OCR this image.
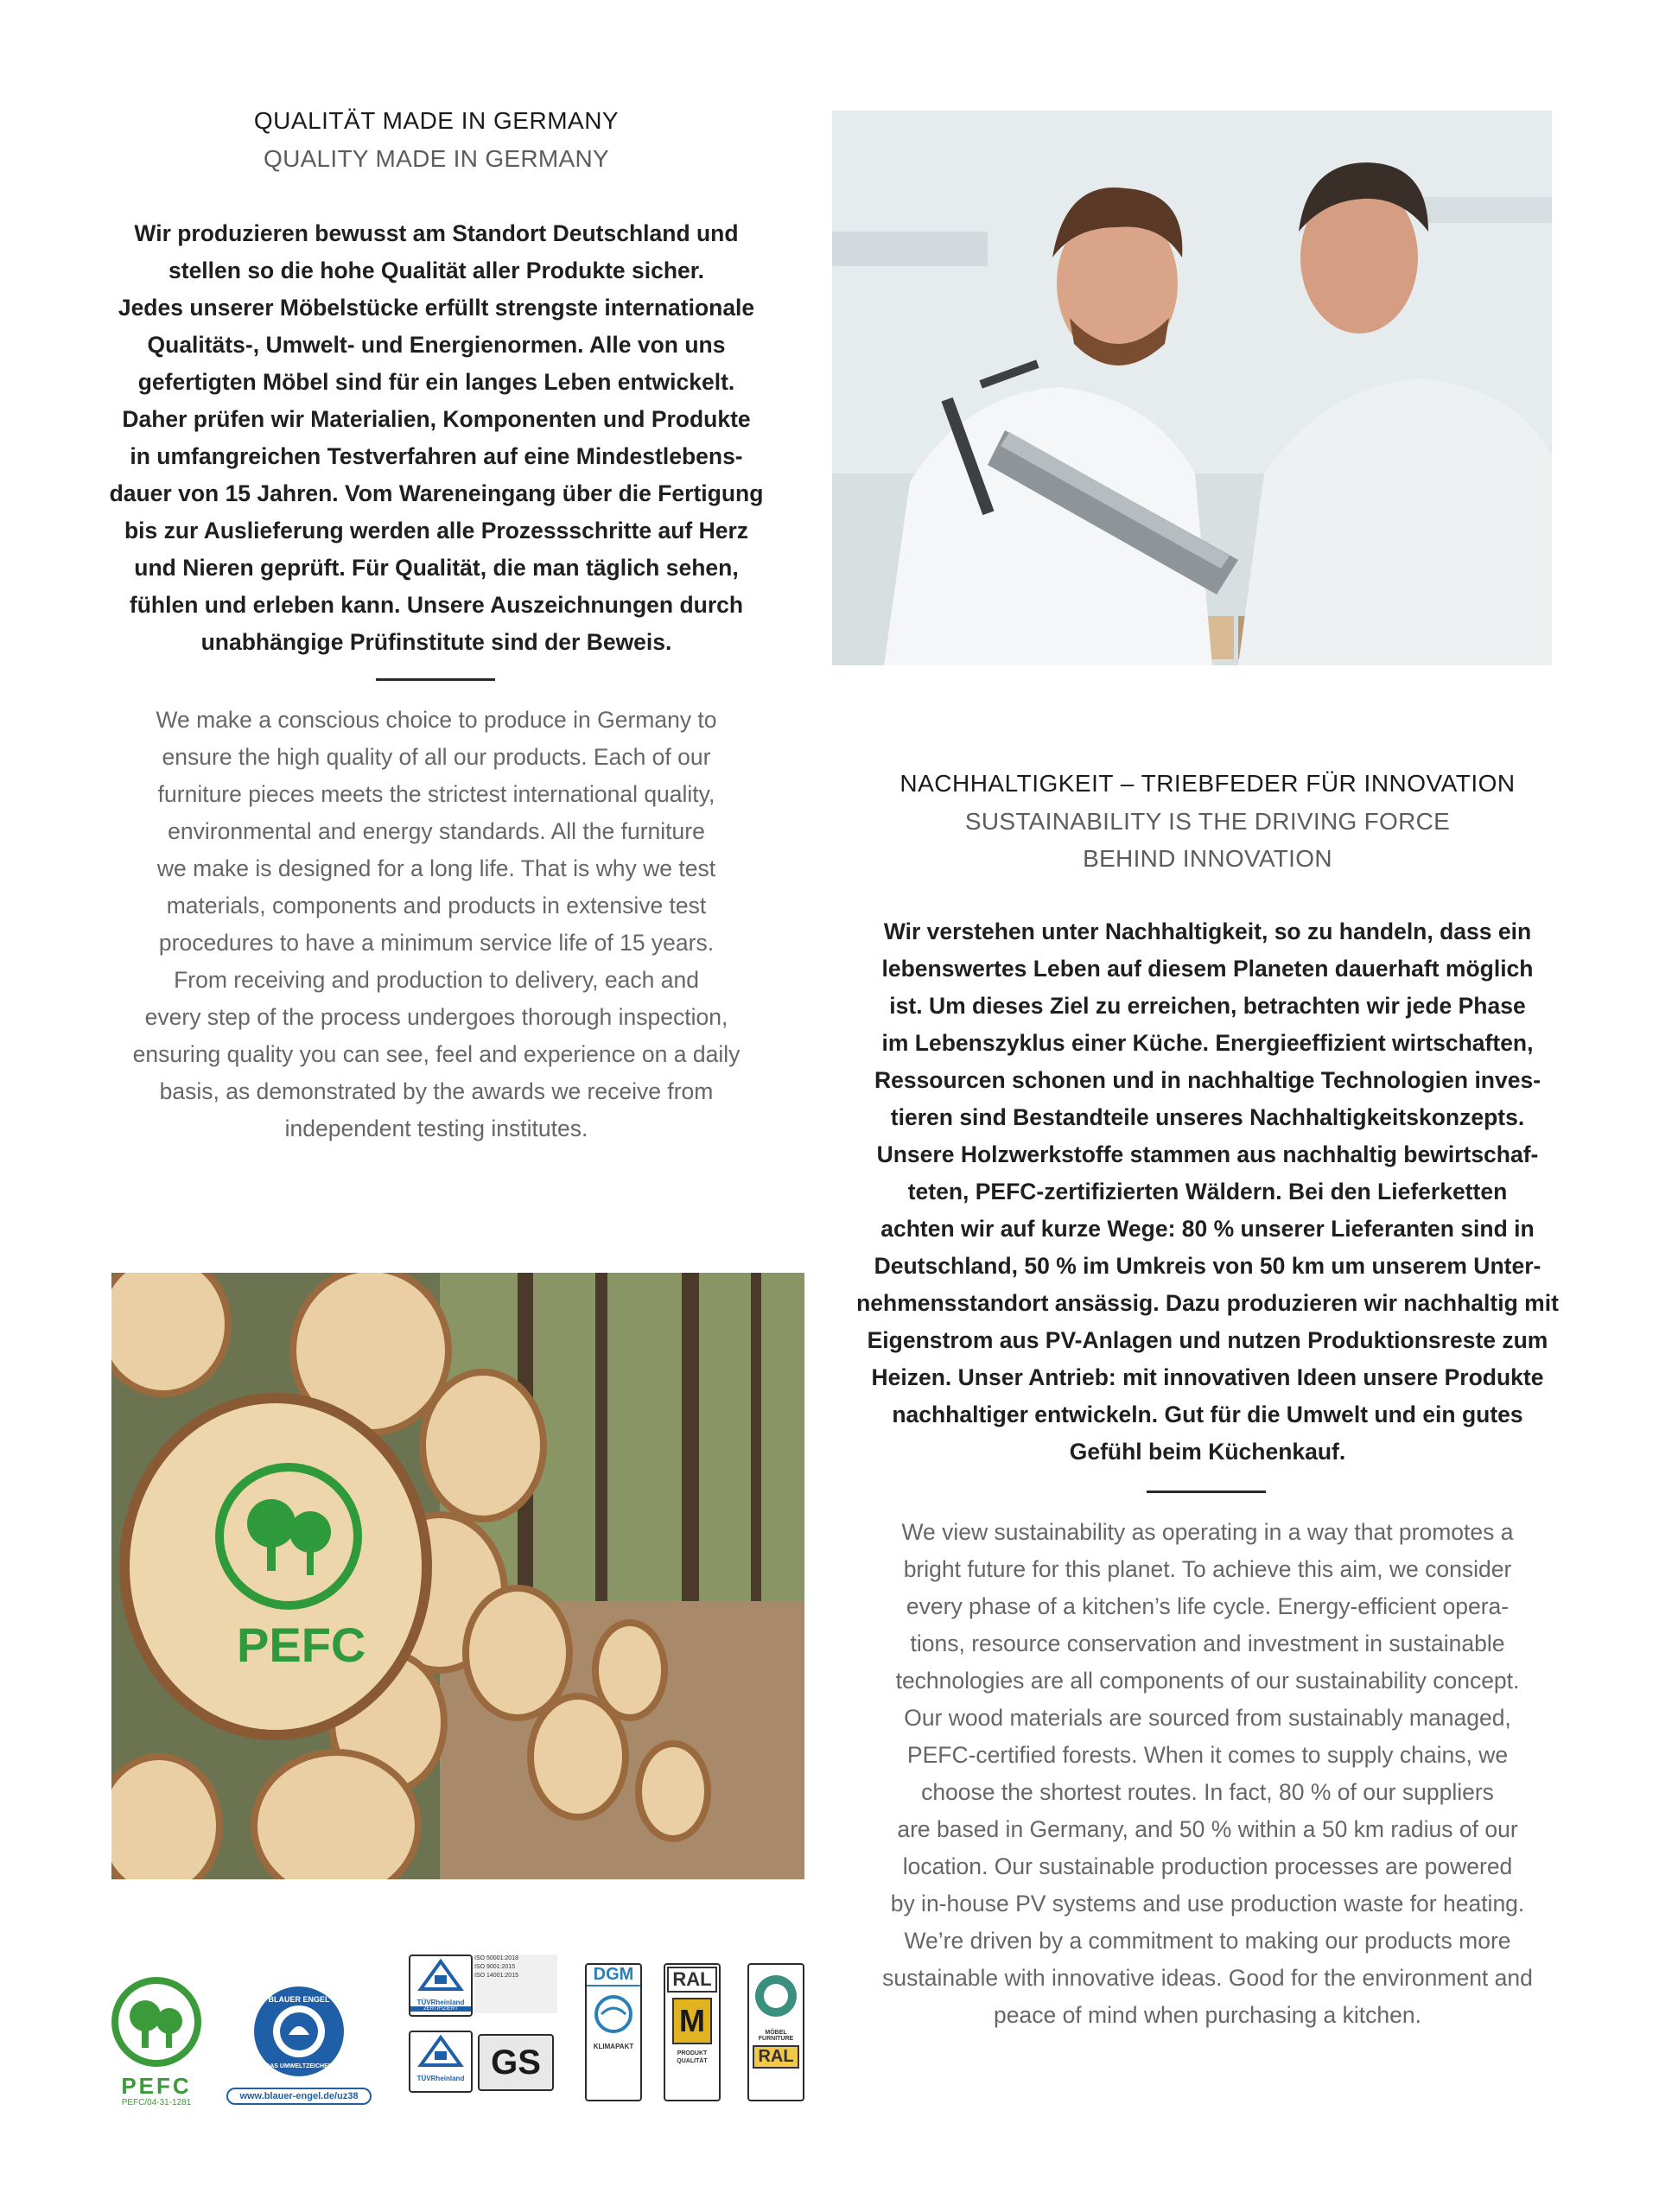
QUALITÄT MADE IN GERMANY
QUALITY MADE IN GERMANY
Wir produzieren bewusst am Standort Deutschland und
stellen so die hohe Qualität aller Produkte sicher.
Jedes unserer Möbelstücke erfüllt strengste internationale
Qualitäts-, Umwelt- und Energienormen. Alle von uns
gefertigten Möbel sind für ein langes Leben entwickelt.
Daher prüfen wir Materialien, Komponenten und Produkte
in umfangreichen Testverfahren auf eine Mindestlebens-
dauer von 15 Jahren. Vom Wareneingang über die Fertigung
bis zur Auslieferung werden alle Prozessschritte auf Herz
und Nieren geprüft. Für Qualität, die man täglich sehen,
fühlen und erleben kann. Unsere Auszeichnungen durch
unabhängige Prüfinstitute sind der Beweis.
We make a conscious choice to produce in Germany to
ensure the high quality of all our products. Each of our
furniture pieces meets the strictest international quality,
environmental and energy standards. All the furniture
we make is designed for a long life. That is why we test
materials, components and products in extensive test
procedures to have a minimum service life of 15 years.
From receiving and production to delivery, each and
every step of the process undergoes thorough inspection,
ensuring quality you can see, feel and experience on a daily
basis, as demonstrated by the awards we receive from
independent testing institutes.
NACHHALTIGKEIT – TRIEBFEDER FÜR INNOVATION
SUSTAINABILITY IS THE DRIVING FORCE
BEHIND INNOVATION
Wir verstehen unter Nachhaltigkeit, so zu handeln, dass ein
lebenswertes Leben auf diesem Planeten dauerhaft möglich
ist. Um dieses Ziel zu erreichen, betrachten wir jede Phase
im Lebenszyklus einer Küche. Energieeffizient wirtschaften,
Ressourcen schonen und in nachhaltige Technologien inves-
tieren sind Bestandteile unseres Nachhaltigkeitskonzepts.
Unsere Holzwerkstoffe stammen aus nachhaltig bewirtschaf-
teten, PEFC-zertifizierten Wäldern. Bei den Lieferketten
achten wir auf kurze Wege: 80 % unserer Lieferanten sind in
Deutschland, 50 % im Umkreis von 50 km um unserem Unter-
nehmensstandort ansässig. Dazu produzieren wir nachhaltig mit
Eigenstrom aus PV-Anlagen und nutzen Produktionsreste zum
Heizen. Unser Antrieb: mit innovativen Ideen unsere Produkte
nachhaltiger entwickeln. Gut für die Umwelt und ein gutes
Gefühl beim Küchenkauf.
We view sustainability as operating in a way that promotes a
bright future for this planet. To achieve this aim, we consider
every phase of a kitchen’s life cycle. Energy-efficient opera-
tions, resource conservation and investment in sustainable
technologies are all components of our sustainability concept.
Our wood materials are sourced from sustainably managed,
PEFC-certified forests. When it comes to supply chains, we
choose the shortest routes. In fact, 80 % of our suppliers
are based in Germany, and 50 % within a 50 km radius of our
location. Our sustainable production processes are powered
by in-house PV systems and use production waste for heating.
We’re driven by a commitment to making our products more
sustainable with innovative ideas. Good for the environment and
peace of mind when purchasing a kitchen.
PEFC
PEFC
PEFC/04-31-1281
BLAUER ENGEL
DAS UMWELTZEICHEN
www.blauer-engel.de/uz38
TÜVRheinland
ZERTIFIZIERT
ISO 50001:2018
ISO 9001:2015
ISO 14001:2015
TÜVRheinland GS
DGM
KLIMAPAKT
RAL
M
PRODUKT QUALITÄT
MÖBEL FURNITURE
RAL
